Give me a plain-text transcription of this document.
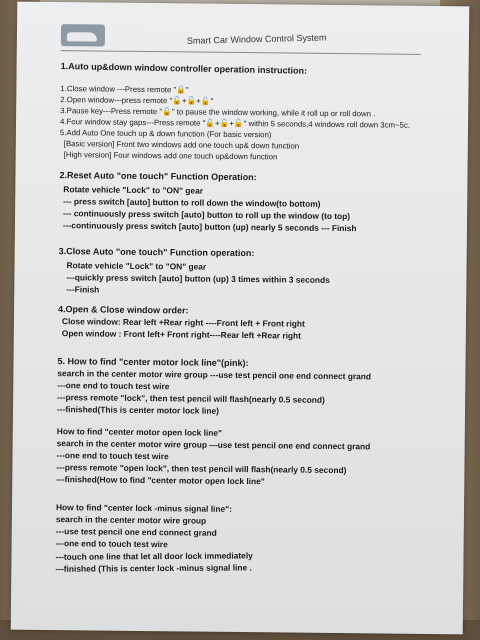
Smart Car Window Control System
1.Auto up&down window controller operation instruction:
1.Close window ---Press remote "🔒"
2.Open window---press remote "🔓+🔓+🔓"
3.Pause key---Press remote "🔓" to pause the window working, while it roll up or roll down .
4.Four window stay gaps---Press remote "🔓+🔓+🔓" within 5 seconds,4 windows roll down 3cm~5c.
5.Add Auto One touch up & down function (For basic version)
[Basic version] Front two windows add one touch up& down function
[High version] Four windows add one touch up&down function
2.Reset Auto "one touch" Function Operation:
Rotate vehicle "Lock" to "ON" gear
--- press switch [auto] button to roll down the window(to bottom)
--- continuously press switch [auto] button to roll up the window (to top)
---continuously press switch [auto] button (up) nearly 5 seconds --- Finish
3.Close Auto "one touch" Function operation:
Rotate vehicle "Lock" to "ON" gear
---quickly press switch [auto] button (up) 3 times within 3 seconds
---Finish
4.Open & Close window order:
Close window: Rear left +Rear right ----Front left + Front right
Open window : Front left+ Front right----Rear left +Rear right
5. How to find "center motor lock line"(pink):
search in the center motor wire group ---use test pencil one end connect grand
---one end to touch test wire
---press remote "lock", then test pencil will flash(nearly 0.5 second)
---finished(This is center motor lock line)
How to find "center motor open lock line"
search in the center motor wire group ---use test pencil one end connect grand
---one end to touch test wire
---press remote "open lock", then test pencil will flash(nearly 0.5 second)
---finished(How to find "center motor open lock line"
How to find "center lock -minus signal line":
search in the center motor wire group
---use test pencil one end connect grand
---one end to touch test wire
---touch one line that let all door lock immediately
---finished (This is center lock -minus signal line .
